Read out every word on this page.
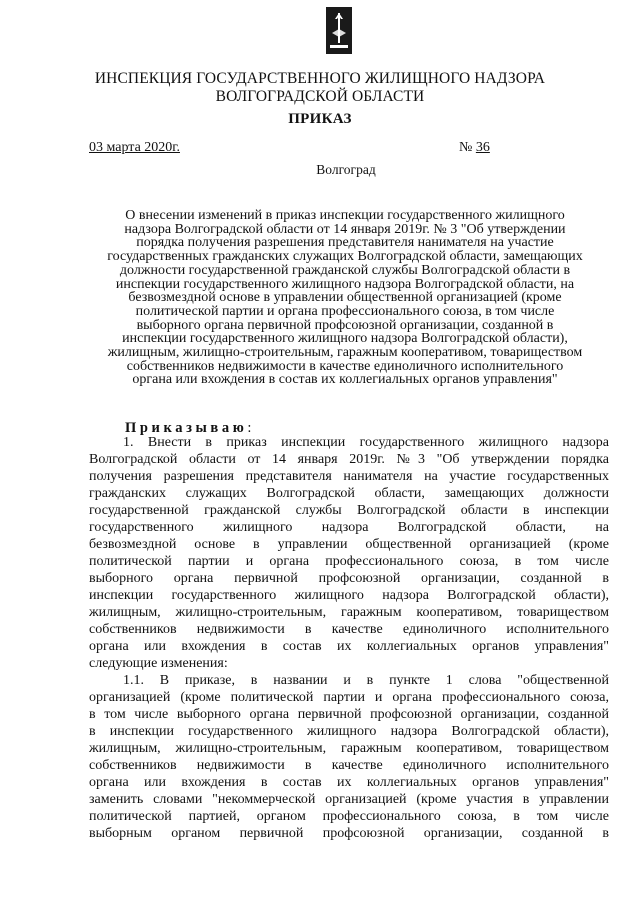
ИНСПЕКЦИЯ ГОСУДАРСТВЕННОГО ЖИЛИЩНОГО НАДЗОРА
ВОЛГОГРАДСКОЙ ОБЛАСТИ
ПРИКАЗ
03 марта 2020г.	№ 36
Волгоград
О внесении изменений в приказ инспекции государственного жилищного
надзора Волгоградской области от 14 января 2019г. № 3 "Об утверждении
порядка получения разрешения представителя нанимателя на участие
государственных гражданских служащих Волгоградской области, замещающих
должности государственной гражданской службы Волгоградской области в
инспекции государственного жилищного надзора Волгоградской области, на
безвозмездной основе в управлении общественной организацией (кроме
политической партии и органа профессионального союза, в том числе
выборного органа первичной профсоюзной организации, созданной в
инспекции государственного жилищного надзора Волгоградской области),
жилищным, жилищно-строительным, гаражным кооперативом, товариществом
собственников недвижимости в качестве единоличного исполнительного
органа или вхождения в состав их коллегиальных органов управления"
Приказываю:
1. Внести в приказ инспекции государственного жилищного надзора
Волгоградской области от 14 января 2019г. №3 "Об утверждении порядка
получения разрешения представителя нанимателя на участие государственных
гражданских служащих Волгоградской области, замещающих должности
государственной гражданской службы Волгоградской области в инспекции
государственного жилищного надзора Волгоградской области, на
безвозмездной основе в управлении общественной организацией (кроме
политической партии и органа профессионального союза, в том числе
выборного органа первичной профсоюзной организации, созданной в
инспекции государственного жилищного надзора Волгоградской области),
жилищным, жилищно-строительным, гаражным кооперативом, товариществом
собственников недвижимости в качестве единоличного исполнительного
органа или вхождения в состав их коллегиальных органов управления"
следующие изменения:
1.1. В приказе, в названии и в пункте 1 слова "общественной
организацией (кроме политической партии и органа профессионального союза,
в том числе выборного органа первичной профсоюзной организации, созданной
в инспекции государственного жилищного надзора Волгоградской области),
жилищным, жилищно-строительным, гаражным кооперативом, товариществом
собственников недвижимости в качестве единоличного исполнительного
органа или вхождения в состав их коллегиальных органов управления"
заменить словами "некоммерческой организацией (кроме участия в управлении
политической партией, органом профессионального союза, в том числе
выборным органом первичной профсоюзной организации, созданной в
